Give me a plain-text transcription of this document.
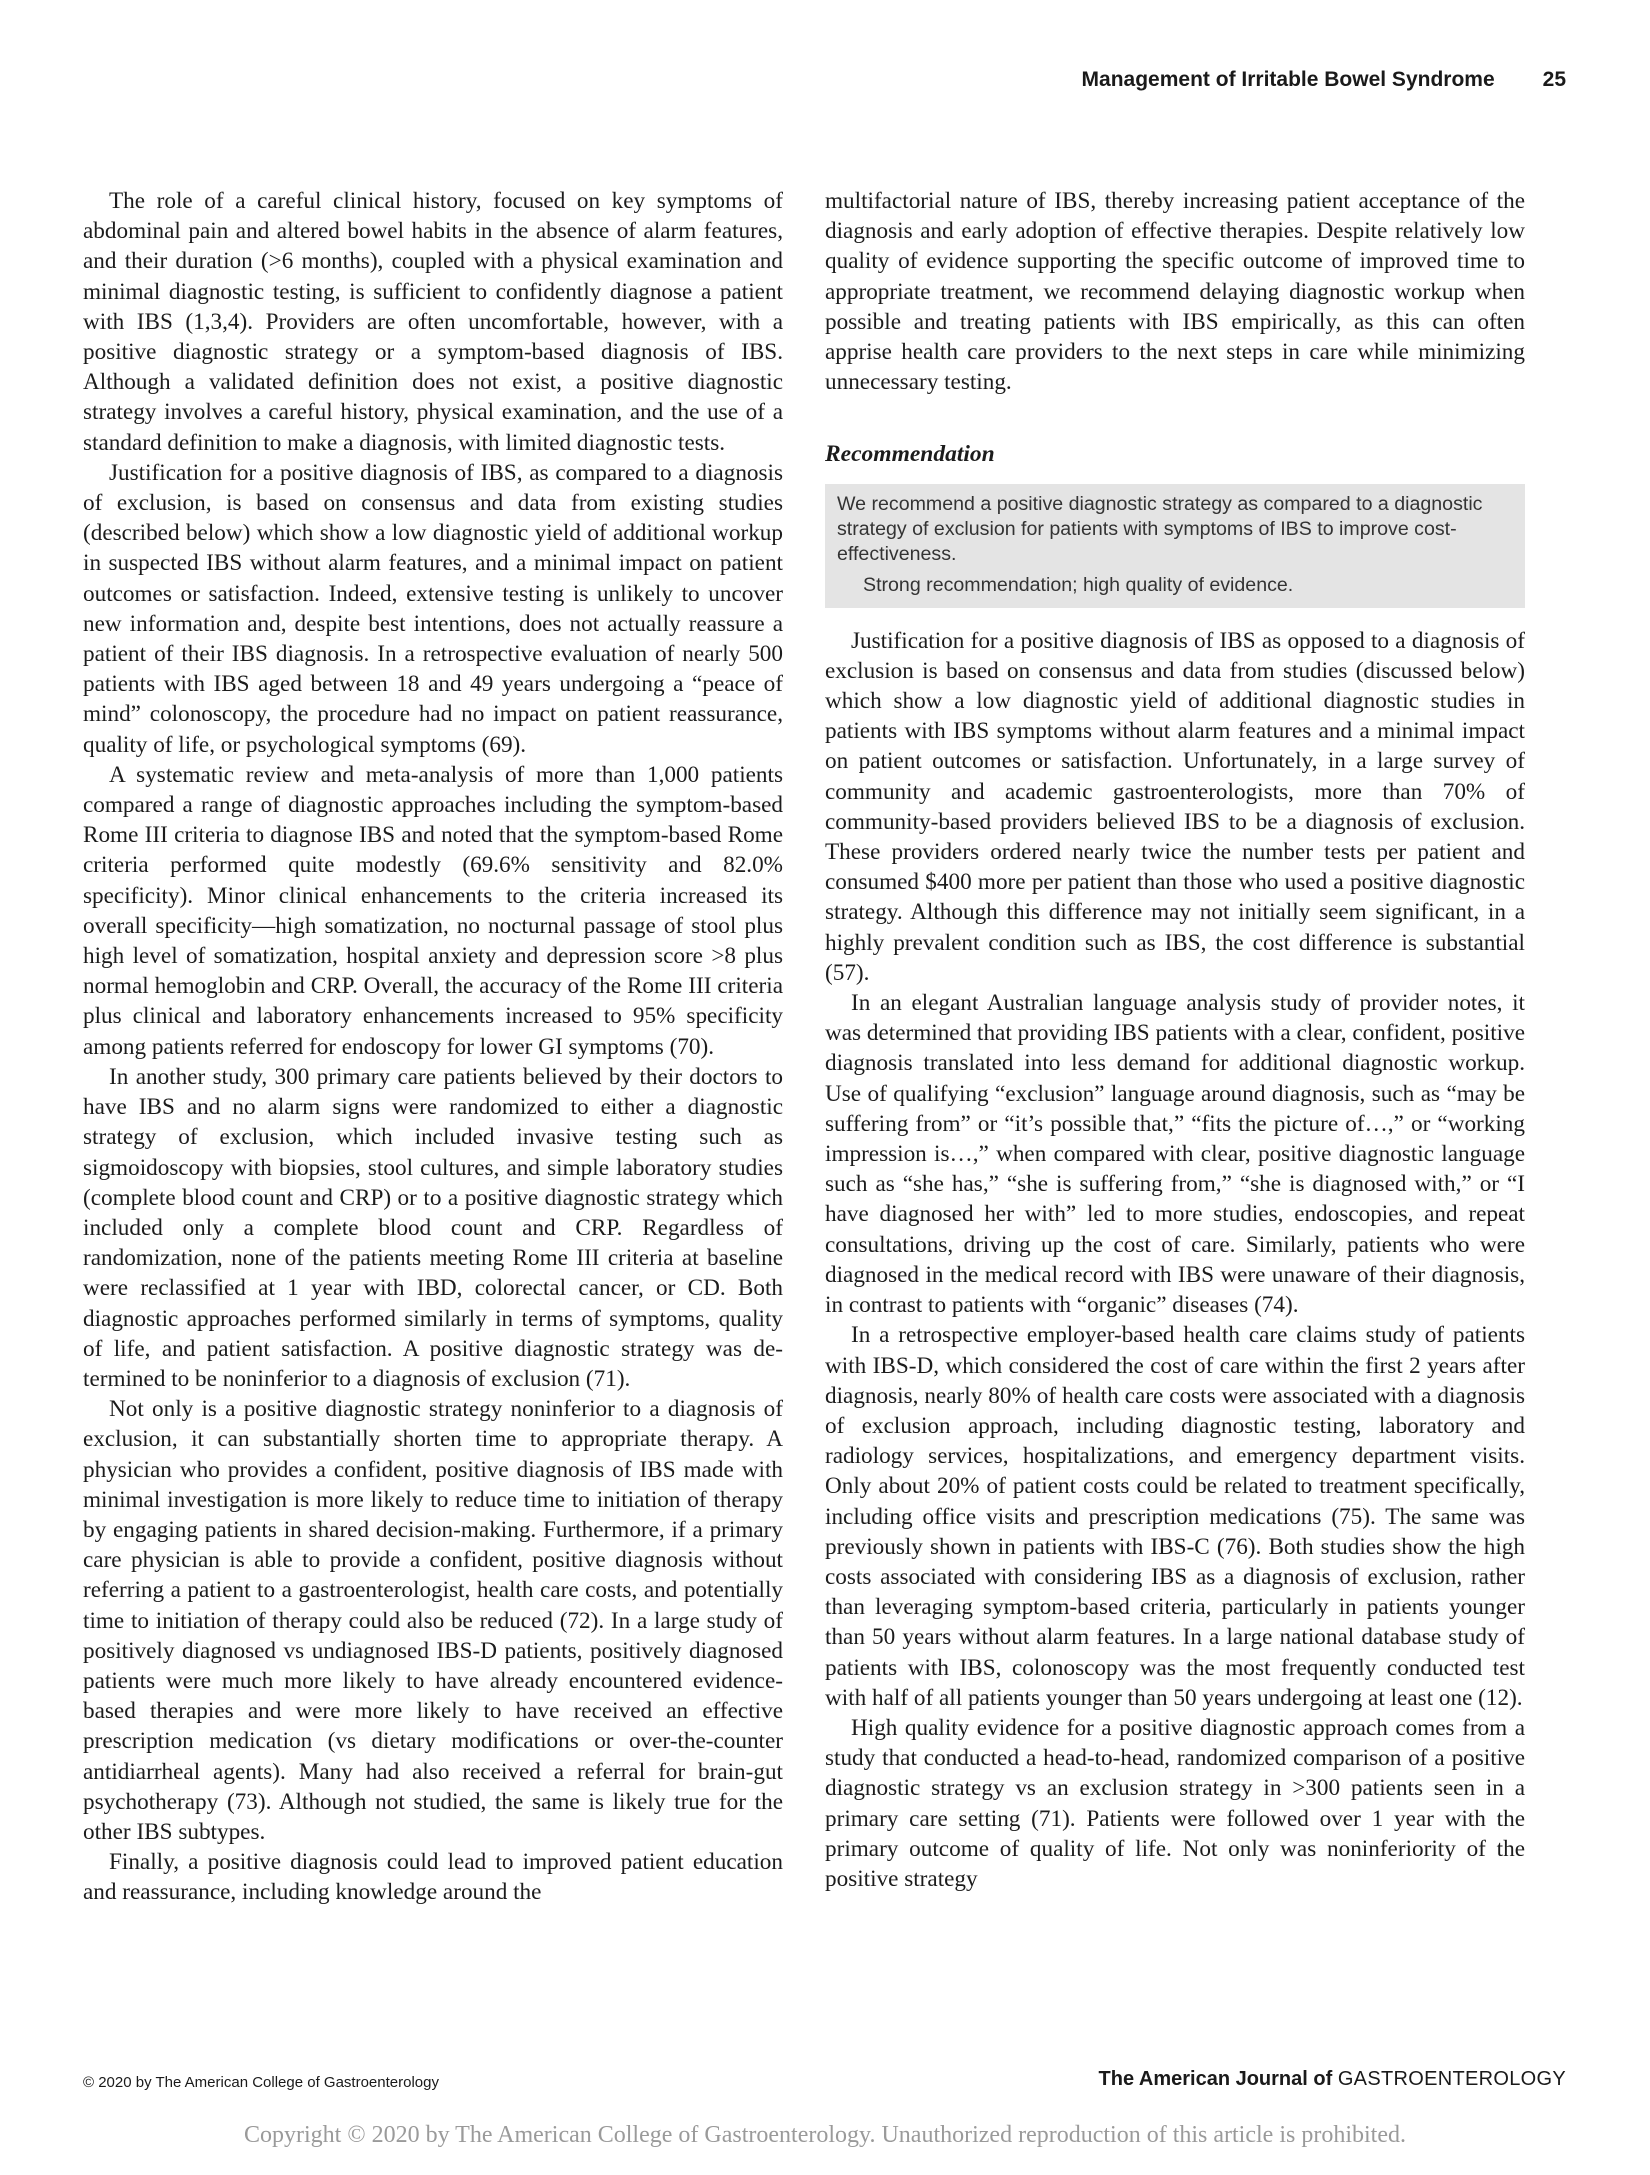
Management of Irritable Bowel Syndrome 25

The role of a careful clinical history, focused on key symptoms of abdominal pain and altered bowel habits in the absence of alarm features, and their duration (>6 months), coupled with a physical examination and minimal diagnostic testing, is sufficient to confidently diagnose a patient with IBS (1,3,4). Providers are often uncomfortable, however, with a positive diagnostic strategy or a symptom-based diagnosis of IBS. Although a validated definition does not exist, a positive diagnostic strategy involves a careful history, physical examination, and the use of a standard definition to make a diagnosis, with limited diagnostic tests.

Justification for a positive diagnosis of IBS, as compared to a diagnosis of exclusion, is based on consensus and data from existing studies (described below) which show a low diagnostic yield of additional workup in suspected IBS without alarm features, and a minimal impact on patient outcomes or satisfaction. Indeed, extensive testing is unlikely to uncover new information and, despite best intentions, does not actually reassure a patient of their IBS diagnosis. In a retrospective evaluation of nearly 500 patients with IBS aged between 18 and 49 years undergoing a “peace of mind” colonoscopy, the procedure had no impact on patient reassurance, quality of life, or psychological symptoms (69).

A systematic review and meta-analysis of more than 1,000 patients compared a range of diagnostic approaches including the symptom-based Rome III criteria to diagnose IBS and noted that the symptom-based Rome criteria performed quite modestly (69.6% sensitivity and 82.0% specificity). Minor clinical enhancements to the criteria increased its overall specificity—high somatization, no nocturnal passage of stool plus high level of somatization, hospital anxiety and depression score >8 plus normal hemoglobin and CRP. Overall, the accuracy of the Rome III criteria plus clinical and laboratory enhancements increased to 95% specificity among patients referred for endoscopy for lower GI symptoms (70).

In another study, 300 primary care patients believed by their doctors to have IBS and no alarm signs were randomized to either a diagnostic strategy of exclusion, which included invasive testing such as sigmoidoscopy with biopsies, stool cultures, and simple laboratory studies (complete blood count and CRP) or to a positive diagnostic strategy which included only a complete blood count and CRP. Regardless of randomization, none of the patients meeting Rome III criteria at baseline were reclassified at 1 year with IBD, colorectal cancer, or CD. Both diagnostic approaches performed similarly in terms of symptoms, quality of life, and patient satisfaction. A positive diagnostic strategy was determined to be noninferior to a diagnosis of exclusion (71).

Not only is a positive diagnostic strategy noninferior to a diagnosis of exclusion, it can substantially shorten time to appropriate therapy. A physician who provides a confident, positive diagnosis of IBS made with minimal investigation is more likely to reduce time to initiation of therapy by engaging patients in shared decision-making. Furthermore, if a primary care physician is able to provide a confident, positive diagnosis without referring a patient to a gastroenterologist, health care costs, and potentially time to initiation of therapy could also be reduced (72). In a large study of positively diagnosed vs undiagnosed IBS-D patients, positively diagnosed patients were much more likely to have already encountered evidence-based therapies and were more likely to have received an effective prescription medication (vs dietary modifications or over-the-counter antidiarrheal agents). Many had also received a referral for brain-gut psychotherapy (73). Although not studied, the same is likely true for the other IBS subtypes.

Finally, a positive diagnosis could lead to improved patient education and reassurance, including knowledge around the

multifactorial nature of IBS, thereby increasing patient acceptance of the diagnosis and early adoption of effective therapies. Despite relatively low quality of evidence supporting the specific outcome of improved time to appropriate treatment, we recommend delaying diagnostic workup when possible and treating patients with IBS empirically, as this can often apprise health care providers to the next steps in care while minimizing unnecessary testing.

Recommendation
We recommend a positive diagnostic strategy as compared to a diagnostic strategy of exclusion for patients with symptoms of IBS to improve cost-effectiveness.
Strong recommendation; high quality of evidence.

Justification for a positive diagnosis of IBS as opposed to a diagnosis of exclusion is based on consensus and data from studies (discussed below) which show a low diagnostic yield of additional diagnostic studies in patients with IBS symptoms without alarm features and a minimal impact on patient outcomes or satisfaction. Unfortunately, in a large survey of community and academic gastroenterologists, more than 70% of community-based providers believed IBS to be a diagnosis of exclusion. These providers ordered nearly twice the number tests per patient and consumed $400 more per patient than those who used a positive diagnostic strategy. Although this difference may not initially seem significant, in a highly prevalent condition such as IBS, the cost difference is substantial (57).

In an elegant Australian language analysis study of provider notes, it was determined that providing IBS patients with a clear, confident, positive diagnosis translated into less demand for additional diagnostic workup. Use of qualifying “exclusion” language around diagnosis, such as “may be suffering from” or “it’s possible that,” “fits the picture of…,” or “working impression is…,” when compared with clear, positive diagnostic language such as “she has,” “she is suffering from,” “she is diagnosed with,” or “I have diagnosed her with” led to more studies, endoscopies, and repeat consultations, driving up the cost of care. Similarly, patients who were diagnosed in the medical record with IBS were unaware of their diagnosis, in contrast to patients with “organic” diseases (74).

In a retrospective employer-based health care claims study of patients with IBS-D, which considered the cost of care within the first 2 years after diagnosis, nearly 80% of health care costs were associated with a diagnosis of exclusion approach, including diagnostic testing, laboratory and radiology services, hospitalizations, and emergency department visits. Only about 20% of patient costs could be related to treatment specifically, including office visits and prescription medications (75). The same was previously shown in patients with IBS-C (76). Both studies show the high costs associated with considering IBS as a diagnosis of exclusion, rather than leveraging symptom-based criteria, particularly in patients younger than 50 years without alarm features. In a large national database study of patients with IBS, colonoscopy was the most frequently conducted test with half of all patients younger than 50 years undergoing at least one (12).

High quality evidence for a positive diagnostic approach comes from a study that conducted a head-to-head, randomized comparison of a positive diagnostic strategy vs an exclusion strategy in >300 patients seen in a primary care setting (71). Patients were followed over 1 year with the primary outcome of quality of life. Not only was noninferiority of the positive strategy

© 2020 by The American College of Gastroenterology	The American Journal of GASTROENTEROLOGY
Copyright © 2020 by The American College of Gastroenterology. Unauthorized reproduction of this article is prohibited.
